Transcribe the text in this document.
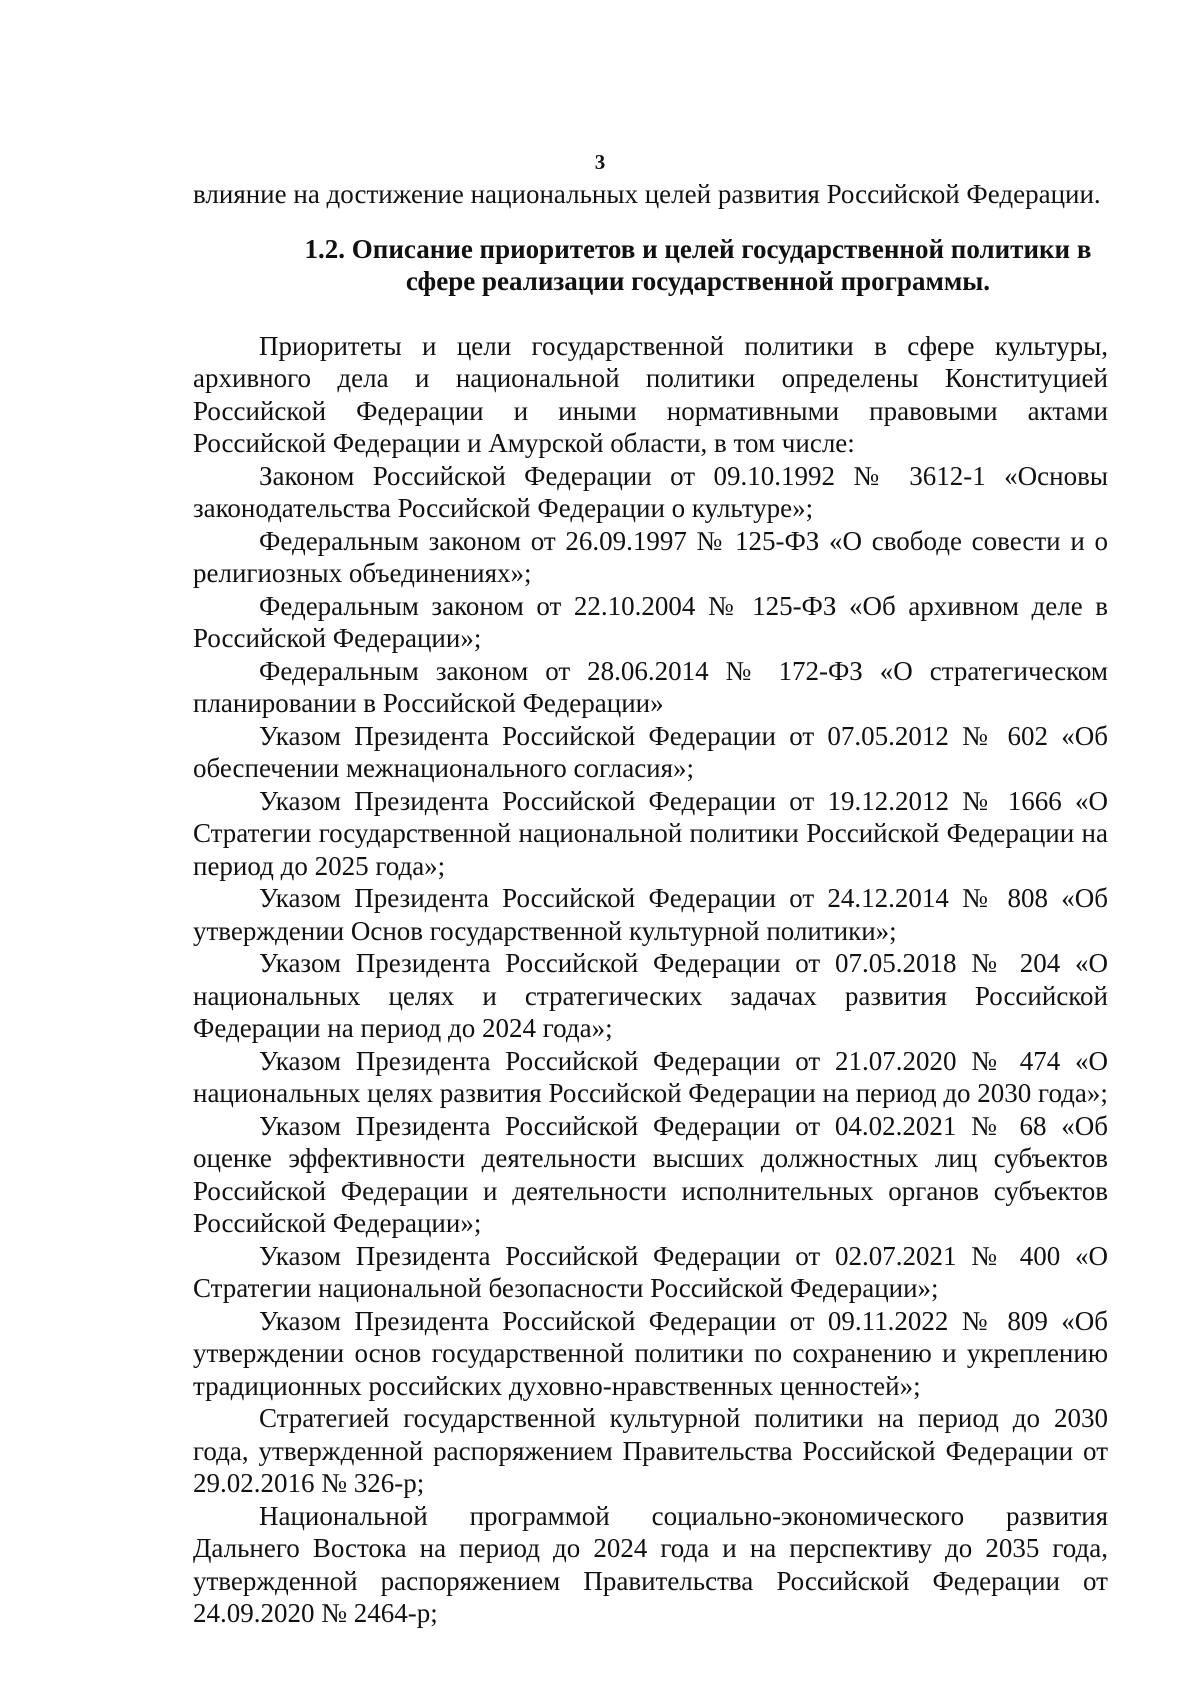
3

влияние на достижение национальных целей развития Российской Федерации.

1.2. Описание приоритетов и целей государственной политики в
сфере реализации государственной программы.

Приоритеты и цели государственной политики в сфере культуры, архивного дела и национальной политики определены Конституцией Российской Федерации и иными нормативными правовыми актами Российской Федерации и Амурской области, в том числе:

Законом Российской Федерации от 09.10.1992 № 3612-1 «Основы законодательства Российской Федерации о культуре»;
Федеральным законом от 26.09.1997 № 125-ФЗ «О свободе совести и о религиозных объединениях»;
Федеральным законом от 22.10.2004 № 125-ФЗ «Об архивном деле в Российской Федерации»;
Федеральным законом от 28.06.2014 № 172-ФЗ «О стратегическом планировании в Российской Федерации»
Указом Президента Российской Федерации от 07.05.2012 № 602 «Об обеспечении межнационального согласия»;
Указом Президента Российской Федерации от 19.12.2012 № 1666 «О Стратегии государственной национальной политики Российской Федерации на период до 2025 года»;
Указом Президента Российской Федерации от 24.12.2014 № 808 «Об утверждении Основ государственной культурной политики»;
Указом Президента Российской Федерации от 07.05.2018 № 204 «О национальных целях и стратегических задачах развития Российской Федерации на период до 2024 года»;
Указом Президента Российской Федерации от 21.07.2020 № 474 «О национальных целях развития Российской Федерации на период до 2030 года»;
Указом Президента Российской Федерации от 04.02.2021 № 68 «Об оценке эффективности деятельности высших должностных лиц субъектов Российской Федерации и деятельности исполнительных органов субъектов Российской Федерации»;
Указом Президента Российской Федерации от 02.07.2021 № 400 «О Стратегии национальной безопасности Российской Федерации»;
Указом Президента Российской Федерации от 09.11.2022 № 809 «Об утверждении основ государственной политики по сохранению и укреплению традиционных российских духовно-нравственных ценностей»;
Стратегией государственной культурной политики на период до 2030 года, утвержденной распоряжением Правительства Российской Федерации от 29.02.2016 № 326-р;
Национальной программой социально-экономического развития Дальнего Востока на период до 2024 года и на перспективу до 2035 года, утвержденной распоряжением Правительства Российской Федерации от 24.09.2020 № 2464-р;
